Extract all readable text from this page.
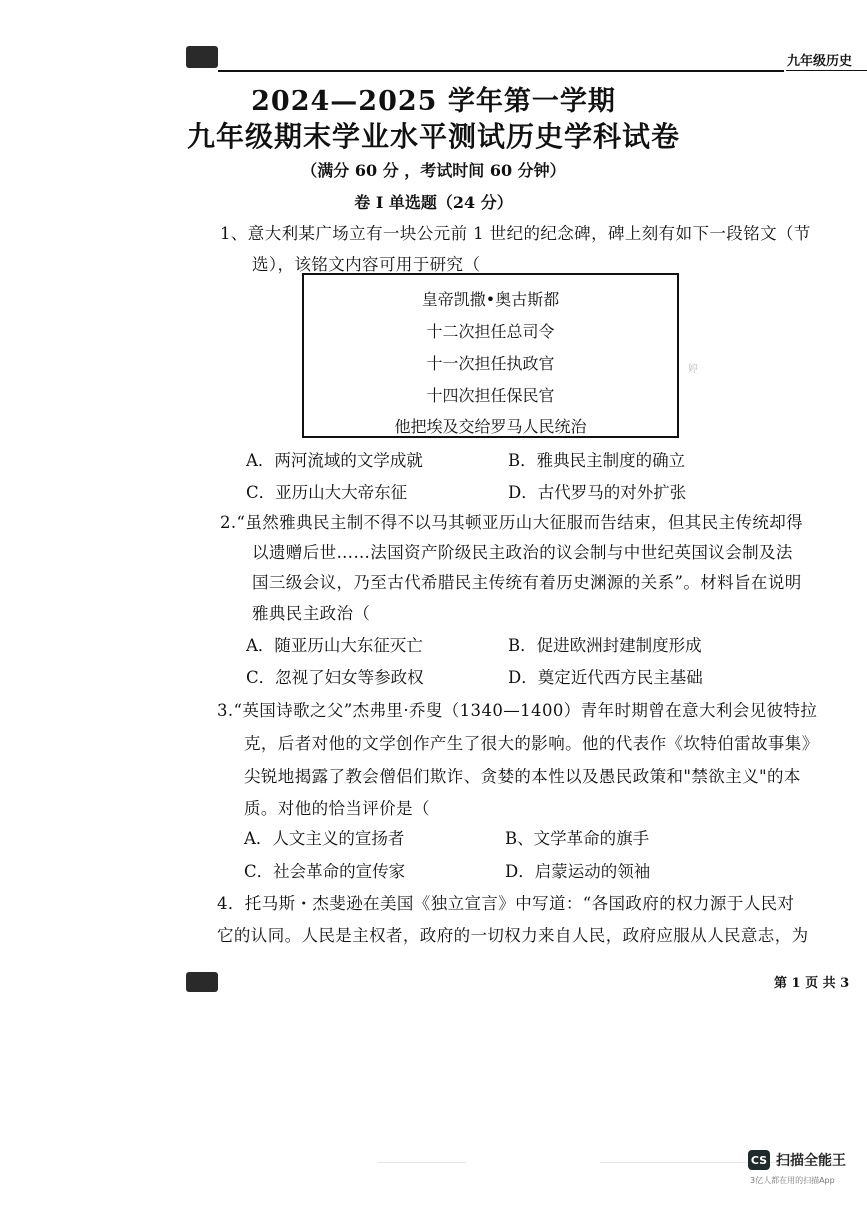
九年级历史
2024—2025 学年第一学期
九年级期末学业水平测试历史学科试卷
（满分 60 分 ，考试时间 60 分钟）
卷 I 单选题（24 分）
1、意大利某广场立有一块公元前 1 世纪的纪念碑，碑上刻有如下一段铭文（节
选），该铭文内容可用于研究（
皇帝凯撒•奥古斯都
十二次担任总司令
十一次担任执政官
十四次担任保民官
他把埃及交给罗马人民统治
婷
A．两河流域的文学成就	B．雅典民主制度的确立
C．亚历山大大帝东征	D．古代罗马的对外扩张
2.“虽然雅典民主制不得不以马其顿亚历山大征服而告结束，但其民主传统却得
以遗赠后世……法国资产阶级民主政治的议会制与中世纪英国议会制及法
国三级会议，乃至古代希腊民主传统有着历史渊源的关系”。材料旨在说明
雅典民主政治（
A．随亚历山大东征灭亡	B．促进欧洲封建制度形成
C．忽视了妇女等参政权	D．奠定近代西方民主基础
3.“英国诗歌之父”杰弗里·乔叟（1340—1400）青年时期曾在意大利会见彼特拉
克，后者对他的文学创作产生了很大的影响。他的代表作《坎特伯雷故事集》
尖锐地揭露了教会僧侣们欺诈、贪婪的本性以及愚民政策和"禁欲主义"的本
质。对他的恰当评价是（
A．人文主义的宣扬者	B、文学革命的旗手
C．社会革命的宣传家	D．启蒙运动的领袖
4．托马斯・杰斐逊在美国《独立宣言》中写道：“各国政府的权力源于人民对
它的认同。人民是主权者，政府的一切权力来自人民，政府应服从人民意志，为
第 1 页 共 3
CS 扫描全能王
3亿人都在用的扫描App
